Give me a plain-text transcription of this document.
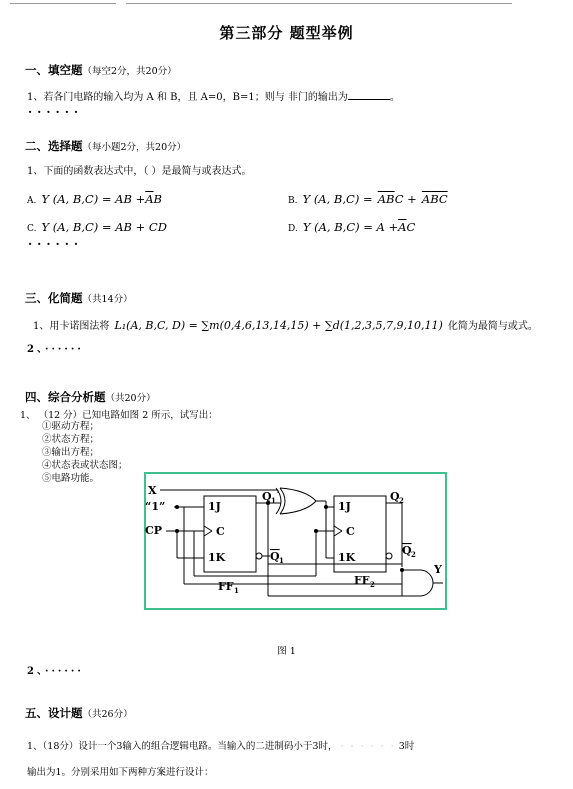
第三部分 题型举例
一、填空题（每空2分，共20分）
1、若各门电路的输入均为 A 和 B，且 A=0，B=1；则与 非门的输出为	。
······
二、选择题（每小题2分，共20分）
1、下面的函数表达式中，（ ）是最简与或表达式。
A. Y (A, B,C) = AB $+\overline{A}B$	B. Y (A, $B,C) = \overline{AB}C + \overline{A}\overline{BC}$
C. Y (A, B,C) = AB + CD	D. Y (A, $B,C) = A +\overline{A}C$
······
三、化简题（共14分）
1、用卡诺图法将 L₁(A, B,C, D) = ∑m(0,4,6,13,14,15) + ∑d(1,2,3,5,7,9,10,11) 化简为最简与或式。
2、······
四、综合分析题（共20分）
1、 （12 分）已知电路如图 2 所示，试写出：
①驱动方程；
②状态方程；
③输出方程；
④状态表或状态图；
⑤电路功能。
X
“1”
CP
1J
C
1K
Q 1
Q 1
FF 1
1J
C
1K
Q 2
Q 2
FF 2
Y
图 1
2、······
五、设计题（共26分）
1、（18分）设计一个3输入的组合逻辑电路。当输入的二进制码小于3时， · · · · · · 3时
输出为1。分别采用如下两种方案进行设计：
